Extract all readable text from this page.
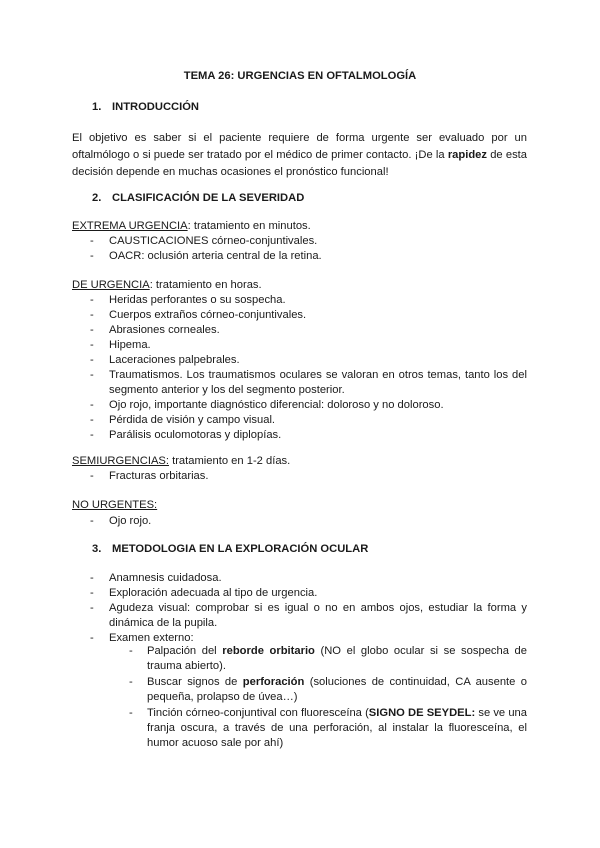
TEMA 26: URGENCIAS EN OFTALMOLOGÍA
1. INTRODUCCIÓN
El objetivo es saber si el paciente requiere de forma urgente ser evaluado por un oftalmólogo o si puede ser tratado por el médico de primer contacto. ¡De la rapidez de esta decisión depende en muchas ocasiones el pronóstico funcional!
2. CLASIFICACIÓN DE LA SEVERIDAD
EXTREMA URGENCIA: tratamiento en minutos.
- CAUSTICACIONES córneo-conjuntivales.
- OACR: oclusión arteria central de la retina.
DE URGENCIA: tratamiento en horas.
- Heridas perforantes o su sospecha.
- Cuerpos extraños córneo-conjuntivales.
- Abrasiones corneales.
- Hipema.
- Laceraciones palpebrales.
- Traumatismos. Los traumatismos oculares se valoran en otros temas, tanto los del segmento anterior y los del segmento posterior.
- Ojo rojo, importante diagnóstico diferencial: doloroso y no doloroso.
- Pérdida de visión y campo visual.
- Parálisis oculomotoras y diplopías.
SEMIURGENCIAS: tratamiento en 1-2 días.
- Fracturas orbitarias.
NO URGENTES:
- Ojo rojo.
3. METODOLOGIA EN LA EXPLORACIÓN OCULAR
- Anamnesis cuidadosa.
- Exploración adecuada al tipo de urgencia.
- Agudeza visual: comprobar si es igual o no en ambos ojos, estudiar la forma y dinámica de la pupila.
- Examen externo:
- Palpación del reborde orbitario (NO el globo ocular si se sospecha de trauma abierto).
- Buscar signos de perforación (soluciones de continuidad, CA ausente o pequeña, prolapso de úvea…)
- Tinción córneo-conjuntival con fluoresceína (SIGNO DE SEYDEL: se ve una franja oscura, a través de una perforación, al instalar la fluoresceína, el humor acuoso sale por ahí)
